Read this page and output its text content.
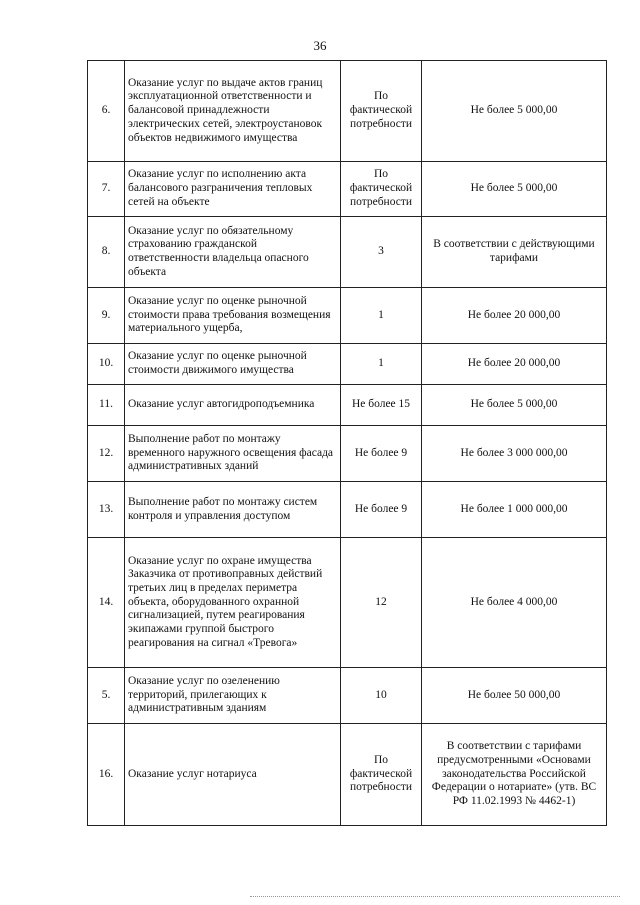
36
6.	Оказание услуг по выдаче актов границ эксплуатационной ответственности и балансовой принадлежности электрических сетей, электроустановок объектов недвижимого имущества	По фактической потребности	Не более 5 000,00
7.	Оказание услуг по исполнению акта балансового разграничения тепловых сетей на объекте	По фактической потребности	Не более 5 000,00
8.	Оказание услуг по обязательному страхованию гражданской ответственности владельца опасного объекта	3	В соответствии с действующими тарифами
9.	Оказание услуг по оценке рыночной стоимости права требования возмещения материального ущерба,	1	Не более 20 000,00
10.	Оказание услуг по оценке рыночной стоимости движимого имущества	1	Не более 20 000,00
11.	Оказание услуг автогидроподъемника	Не более 15	Не более 5 000,00
12.	Выполнение работ по монтажу временного наружного освещения фасада административных зданий	Не более 9	Не более 3 000 000,00
13.	Выполнение работ по монтажу систем контроля и управления доступом	Не более 9	Не более 1 000 000,00
14.	Оказание услуг по охране имущества Заказчика от противоправных действий третьих лиц в пределах периметра объекта, оборудованного охранной сигнализацией, путем реагирования экипажами группой быстрого реагирования на сигнал «Тревога»	12	Не более 4 000,00
5.	Оказание услуг по озеленению территорий, прилегающих к административным зданиям	10	Не более 50 000,00
16.	Оказание услуг нотариуса	По фактической потребности	В соответствии с тарифами предусмотренными «Основами законодательства Российской Федерации о нотариате» (утв. ВС РФ 11.02.1993 № 4462-1)
